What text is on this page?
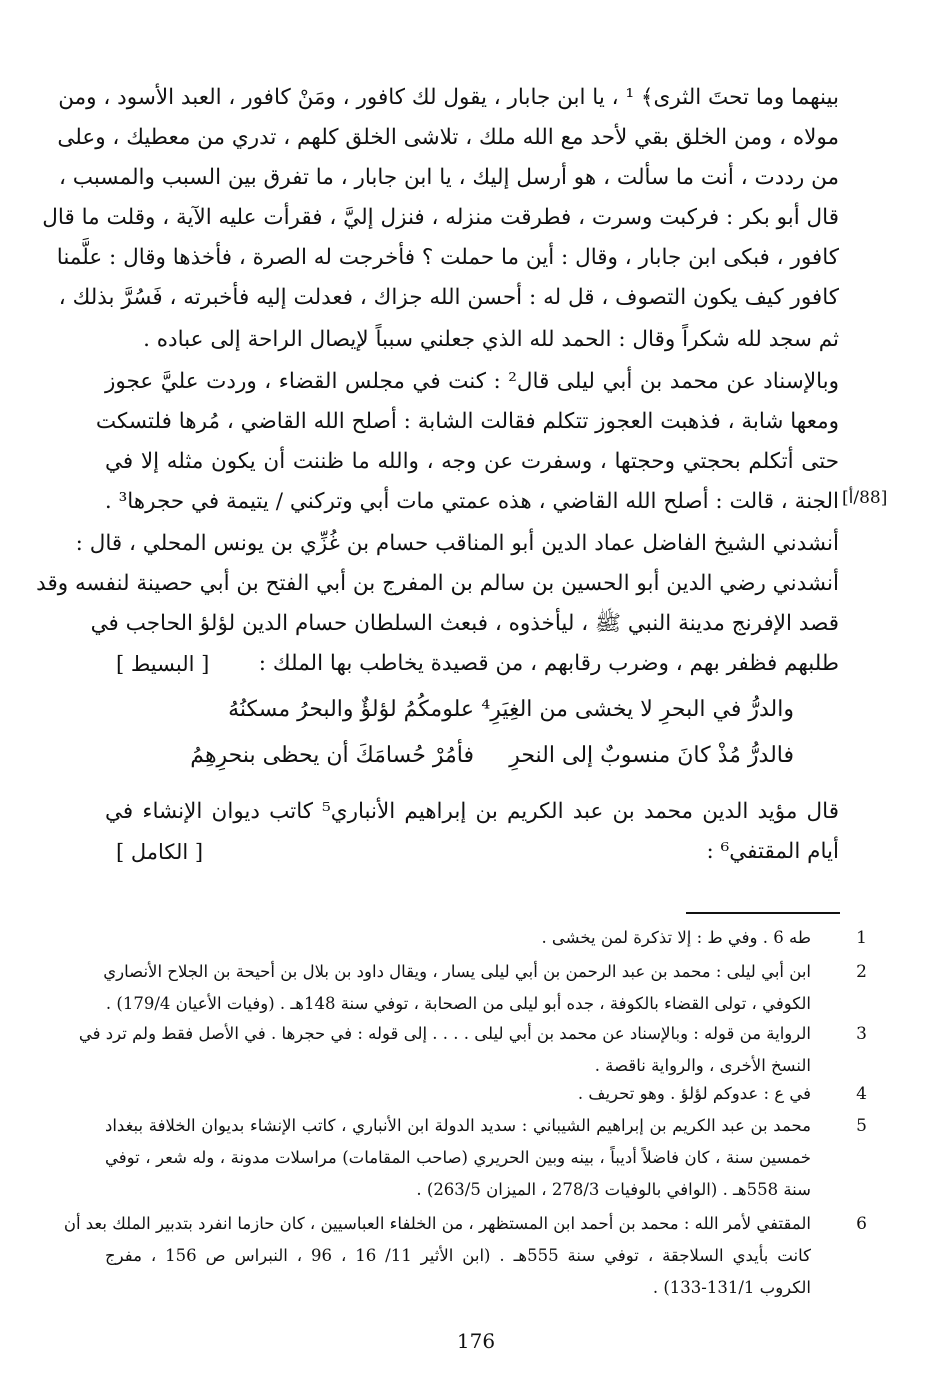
بينهما وما تحتَ الثرى﴾ ¹ ، يا ابن جابار ، يقول لك كافور ، ومَنْ كافور ، العبد الأسود ، ومن
مولاه ، ومن الخلق بقي لأحد مع الله ملك ، تلاشى الخلق كلهم ، تدري من معطيك ، وعلى
من رددت ، أنت ما سألت ، هو أرسل إليك ، يا ابن جابار ، ما تفرق بين السبب والمسبب ،
قال أبو بكر : فركبت وسرت ، فطرقت منزله ، فنزل إليَّ ، فقرأت عليه الآية ، وقلت ما قال
كافور ، فبكى ابن جابار ، وقال : أين ما حملت ؟ فأخرجت له الصرة ، فأخذها وقال : علَّمنا
كافور كيف يكون التصوف ، قل له : أحسن الله جزاك ، فعدلت إليه فأخبرته ، فَسُرَّ بذلك ،
ثم سجد لله شكراً وقال : الحمد لله الذي جعلني سبباً لإيصال الراحة إلى عباده .
وبالإسناد عن محمد بن أبي ليلى قال² : كنت في مجلس القضاء ، وردت عليَّ عجوز
ومعها شابة ، فذهبت العجوز تتكلم فقالت الشابة : أصلح الله القاضي ، مُرها فلتسكت
حتى أتكلم بحجتي وحجتها ، وسفرت عن وجه ، والله ما ظننت أن يكون مثله إلا في
الجنة ، قالت : أصلح الله القاضي ، هذه عمتي مات أبي وتركني / يتيمة في حجرها³ . [88/أ]
أنشدني الشيخ الفاضل عماد الدين أبو المناقب حسام بن غُزِّي بن يونس المحلي ، قال :
أنشدني رضي الدين أبو الحسين بن سالم بن المفرج بن أبي الفتح بن أبي حصينة لنفسه وقد
قصد الإفرنج مدينة النبي ﷺ ، ليأخذوه ، فبعث السلطان حسام الدين لؤلؤ الحاجب في
طلبهم فظفر بهم ، وضرب رقابهم ، من قصيدة يخاطب بها الملك :
[ البسيط ]
علومكُمُ لؤلؤٌ والبحرُ مسكنُهُ والدرُّ في البحرِ لا يخشى من الغِيَرِ⁴
فأمُرْ حُسامَكَ أن يحظى بنحرِهِمُ	فالدرُّ مُذْ كانَ منسوبٌ إلى النحرِ
قال مؤيد الدين محمد بن عبد الكريم بن إبراهيم الأنباري⁵ كاتب ديوان الإنشاء في
أيام المقتفي⁶ :
[ الكامل ]
طه 6 . وفي ط : إلا تذكرة لمن يخشى .	1
ابن أبي ليلى : محمد بن عبد الرحمن بن أبي ليلى يسار ، ويقال داود بن بلال بن أحيحة بن الجلاح الأنصاري
الكوفي ، تولى القضاء بالكوفة ، جده أبو ليلى من الصحابة ، توفي سنة 148هـ . (وفيات الأعيان 179/4) .
2
الرواية من قوله : وبالإسناد عن محمد بن أبي ليلى . . . . إلى قوله : في حجرها . في الأصل فقط ولم ترد في
النسخ الأخرى ، والرواية ناقصة .
3
في ع : عدوكم لؤلؤ . وهو تحريف .	4
محمد بن عبد الكريم بن إبراهيم الشيباني : سديد الدولة ابن الأنباري ، كاتب الإنشاء بديوان الخلافة ببغداد
خمسين سنة ، كان فاضلاً أديباً ، بينه وبين الحريري (صاحب المقامات) مراسلات مدونة ، وله شعر ، توفي
سنة 558هـ . (الوافي بالوفيات 278/3 ، الميزان 263/5) .
5
المقتفي لأمر الله : محمد بن أحمد ابن المستظهر ، من الخلفاء العباسيين ، كان حازما انفرد بتدبير الملك بعد أن
كانت بأيدي السلاجقة ، توفي سنة 555هـ . (ابن الأثير 11/ 16 ، 96 ، النبراس ص 156 ، مفرج
الكروب 131/1-133) .
6
176
